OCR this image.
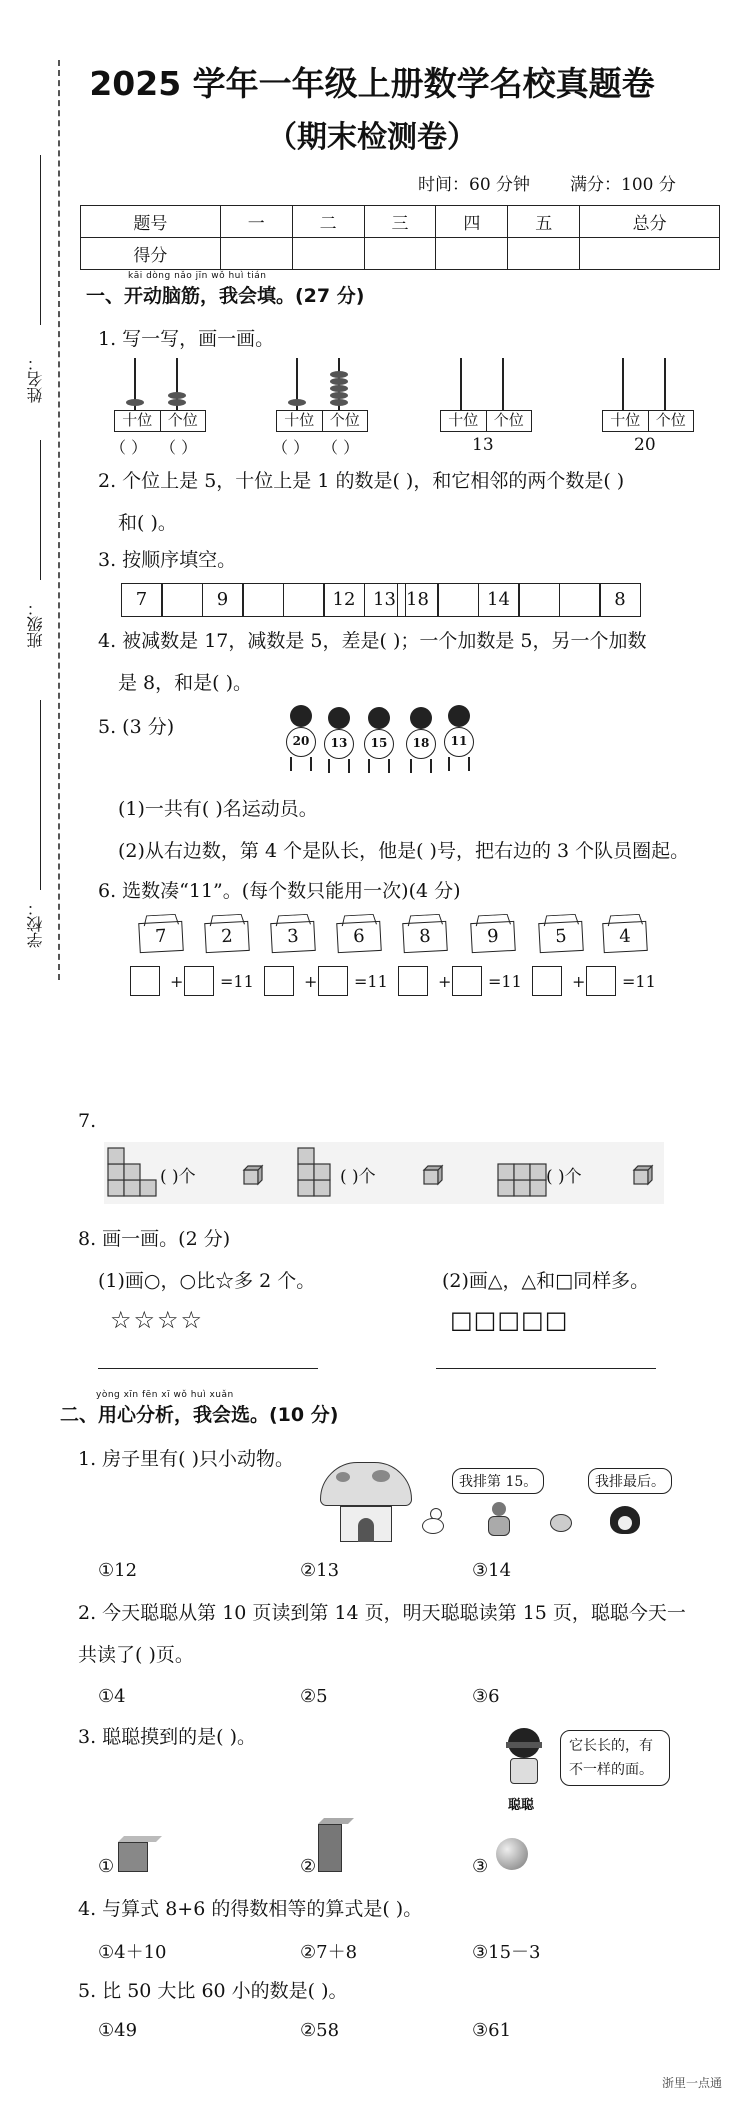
姓名：
班级：
学校：
2025 学年一年级上册数学名校真题卷
（期末检测卷）
时间：60 分钟 满分：100 分
题号	一	二	三	四	五	总分
得分						
kāi dòng nǎo jīn wǒ huì tián
一、开动脑筋，我会填。(27 分)
1. 写一写，画一画。
十位	个位
（ ） （ ）
十位	个位
（ ） （ ）
十位	个位
13
十位	个位
20
2. 个位上是 5，十位上是 1 的数是( )，和它相邻的两个数是( )
和( )。
3. 按顺序填空。
7	9	12 13 18	14	8
4. 被减数是 17，减数是 5，差是( )；一个加数是 5，另一个加数
是 8，和是( )。
5. (3 分)
20	13	15	18	11
(1)一共有( )名运动员。
(2)从右边数，第 4 个是队长，他是( )号，把右边的 3 个队员圈起。
6. 选数凑“11”。(每个数只能用一次)(4 分)
7	2	3	6	8	9	5	4
+ =11	+ =11	+ =11	+ =11
7.
( )个	( )个	( )个
8. 画一画。(2 分)
(1)画○，○比☆多 2 个。
☆☆☆☆
(2)画△，△和□同样多。
□□□□□
yòng xīn fēn xī wǒ huì xuǎn
二、用心分析，我会选。(10 分)
1. 房子里有( )只小动物。
我排第 15。	我排最后。
①12	②13	③14
2. 今天聪聪从第 10 页读到第 14 页，明天聪聪读第 15 页，聪聪今天一
共读了( )页。
①4	②5	③6
3. 聪聪摸到的是( )。
聪聪
它长长的，有
不一样的面。
①	②	③
4. 与算式 8+6 的得数相等的算式是( )。
①4＋10	②7＋8	③15－3
5. 比 50 大比 60 小的数是( )。
①49	②58	③61
浙里一点通
